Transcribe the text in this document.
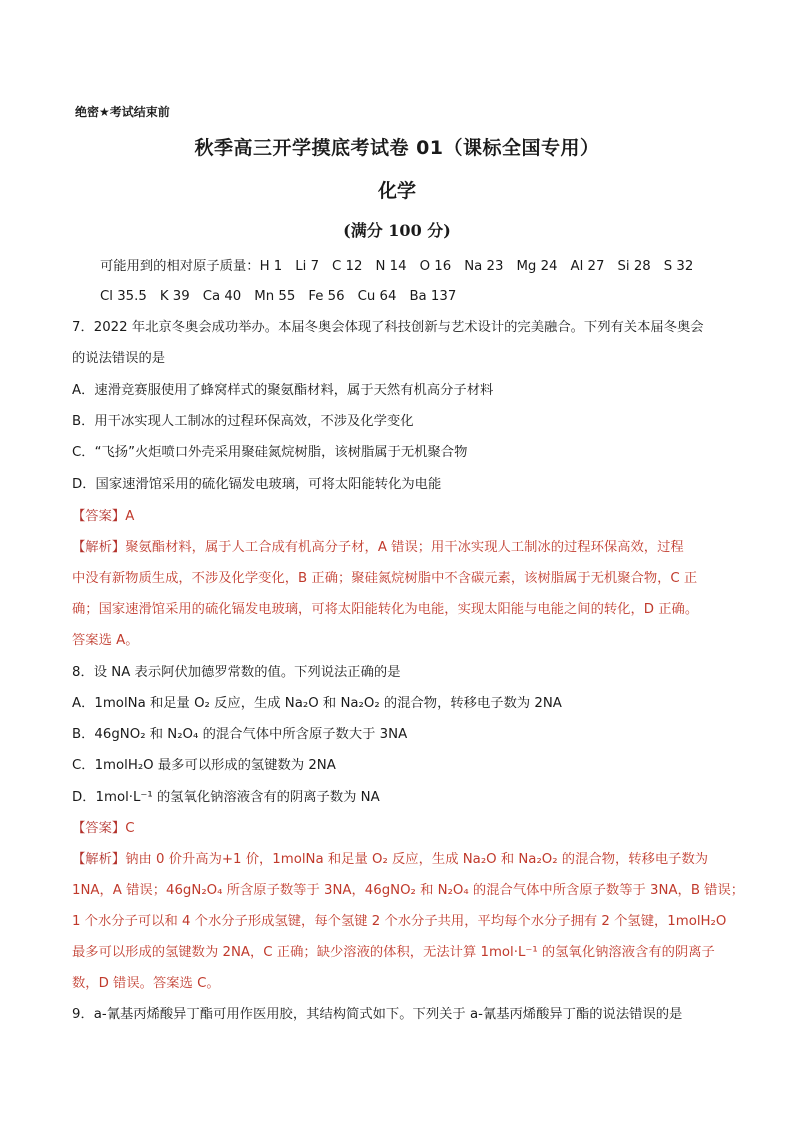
绝密★考试结束前
秋季高三开学摸底考试卷 01（课标全国专用）
化学
(满分 100 分)
可能用到的相对原子质量：H 1 Li 7 C 12 N 14 O 16 Na 23 Mg 24 Al 27 Si 28 S 32
Cl 35.5 K 39 Ca 40 Mn 55 Fe 56 Cu 64 Ba 137
7．2022 年北京冬奥会成功举办。本届冬奥会体现了科技创新与艺术设计的完美融合。下列有关本届冬奥会
的说法错误的是
A．速滑竞赛服使用了蜂窝样式的聚氨酯材料，属于天然有机高分子材料
B．用干冰实现人工制冰的过程环保高效，不涉及化学变化
C．“飞扬”火炬喷口外壳采用聚硅氮烷树脂，该树脂属于无机聚合物
D．国家速滑馆采用的硫化镉发电玻璃，可将太阳能转化为电能
【答案】A
【解析】聚氨酯材料，属于人工合成有机高分子材，A 错误；用干冰实现人工制冰的过程环保高效，过程
中没有新物质生成，不涉及化学变化，B 正确；聚硅氮烷树脂中不含碳元素，该树脂属于无机聚合物，C 正
确；国家速滑馆采用的硫化镉发电玻璃，可将太阳能转化为电能，实现太阳能与电能之间的转化，D 正确。
答案选 A。
8．设 NA 表示阿伏加德罗常数的值。下列说法正确的是
A．1molNa 和足量 O₂ 反应，生成 Na₂O 和 Na₂O₂ 的混合物，转移电子数为 2NA
B．46gNO₂ 和 N₂O₄ 的混合气体中所含原子数大于 3NA
C．1molH₂O 最多可以形成的氢键数为 2NA
D．1mol·L⁻¹ 的氢氧化钠溶液含有的阴离子数为 NA
【答案】C
【解析】钠由 0 价升高为+1 价，1molNa 和足量 O₂ 反应，生成 Na₂O 和 Na₂O₂ 的混合物，转移电子数为
1NA，A 错误；46gN₂O₄ 所含原子数等于 3NA，46gNO₂ 和 N₂O₄ 的混合气体中所含原子数等于 3NA，B 错误；
1 个水分子可以和 4 个水分子形成氢键，每个氢键 2 个水分子共用，平均每个水分子拥有 2 个氢键，1molH₂O
最多可以形成的氢键数为 2NA，C 正确；缺少溶液的体积，无法计算 1mol·L⁻¹ 的氢氧化钠溶液含有的阴离子
数，D 错误。答案选 C。
9．a-氰基丙烯酸异丁酯可用作医用胶，其结构简式如下。下列关于 a-氰基丙烯酸异丁酯的说法错误的是
